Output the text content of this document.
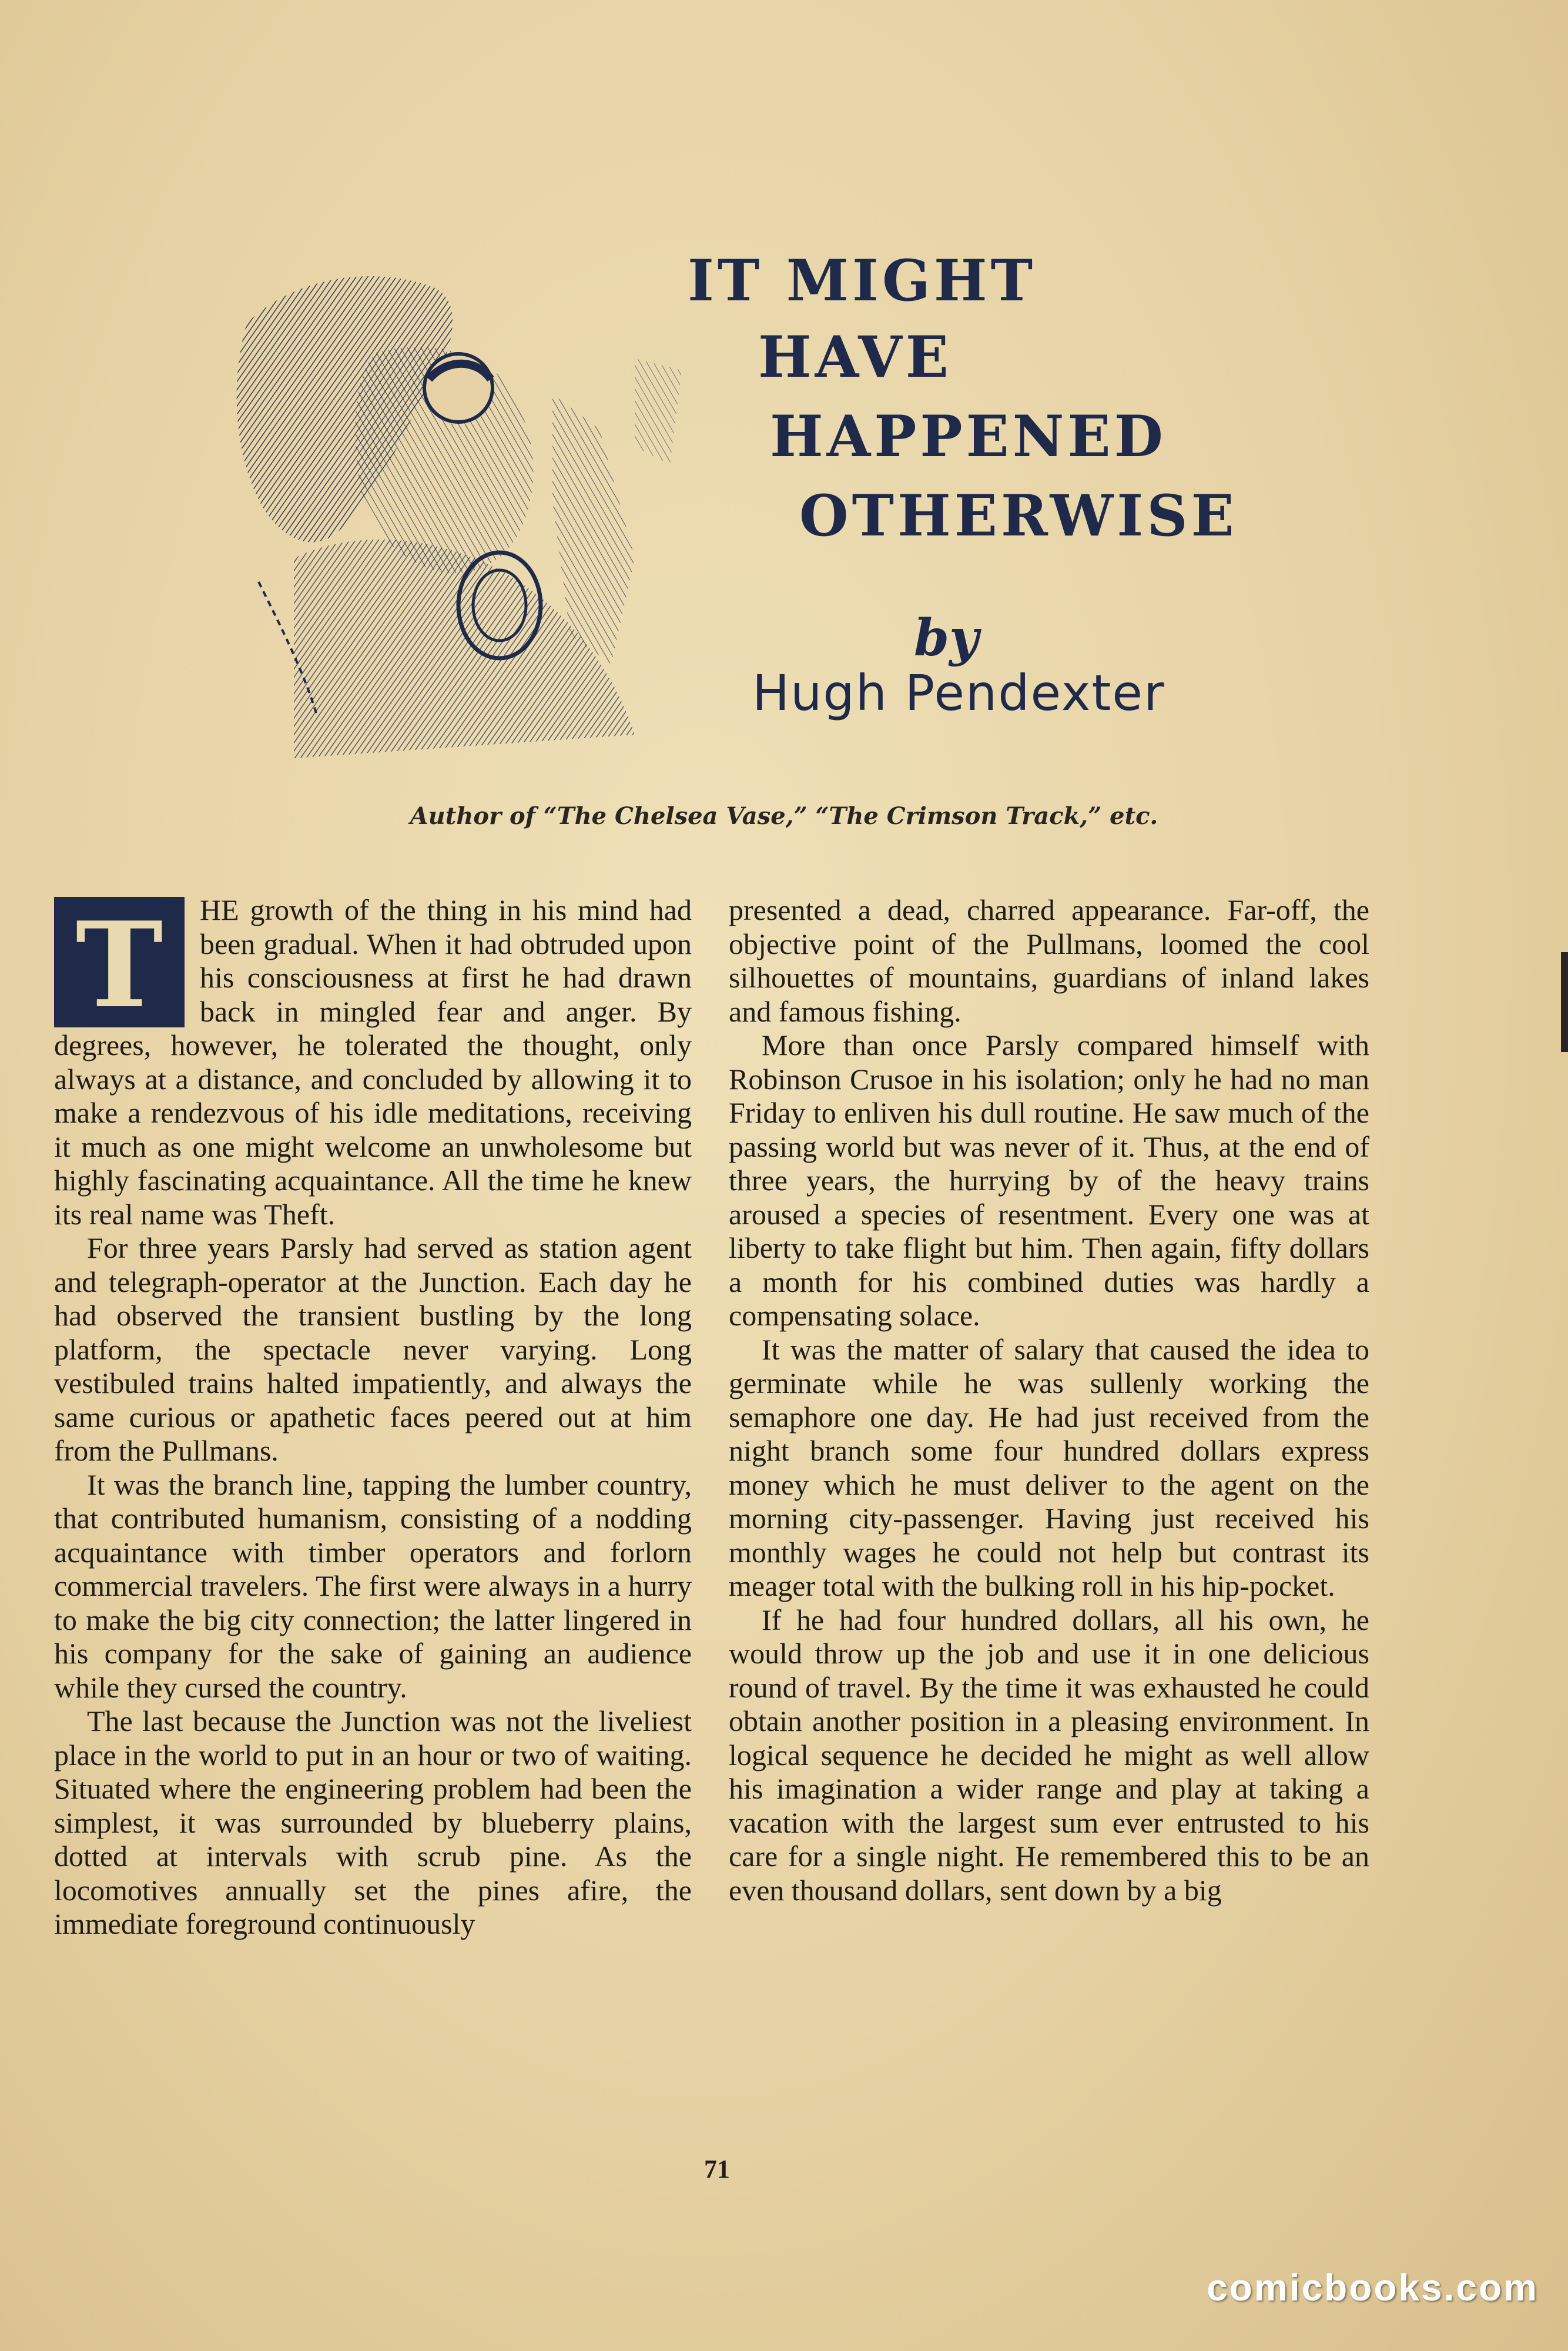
IT MIGHT
HAVE
HAPPENED
OTHERWISE
by
Hugh Pendexter
Author of “The Chelsea Vase,” “The Crimson Track,” etc.

T	HE growth of the thing in his mind had been gradual. When it had obtruded upon his consciousness at first he had drawn back in mingled fear and anger. By degrees, however, he tolerated the thought, only always at a distance, and concluded by allowing it to make a rendezvous of his idle meditations, receiving it much as one might welcome an unwholesome but highly fascinating acquaintance. All the time he knew its real name was Theft.

For three years Parsly had served as station agent and telegraph-operator at the Junction. Each day he had observed the transient bustling by the long platform, the spectacle never varying. Long vestibuled trains halted impatiently, and always the same curious or apathetic faces peered out at him from the Pullmans.

It was the branch line, tapping the lumber country, that contributed humanism, consisting of a nodding acquaintance with timber operators and forlorn commercial travelers. The first were always in a hurry to make the big city connection; the latter lingered in his company for the sake of gaining an audience while they cursed the country.

The last because the Junction was not the liveliest place in the world to put in an hour or two of waiting. Situated where the engineering problem had been the simplest, it was surrounded by blueberry plains, dotted at intervals with scrub pine. As the locomotives annually set the pines afire, the immediate foreground continuously

presented a dead, charred appearance. Far-off, the objective point of the Pullmans, loomed the cool silhouettes of mountains, guardians of inland lakes and famous fishing.

More than once Parsly compared himself with Robinson Crusoe in his isolation; only he had no man Friday to enliven his dull routine. He saw much of the passing world but was never of it. Thus, at the end of three years, the hurrying by of the heavy trains aroused a species of resentment. Every one was at liberty to take flight but him. Then again, fifty dollars a month for his combined duties was hardly a compensating solace.

It was the matter of salary that caused the idea to germinate while he was sullenly working the semaphore one day. He had just received from the night branch some four hundred dollars express money which he must deliver to the agent on the morning city-passenger. Having just received his monthly wages he could not help but contrast its meager total with the bulking roll in his hip-pocket.

If he had four hundred dollars, all his own, he would throw up the job and use it in one delicious round of travel. By the time it was exhausted he could obtain another position in a pleasing environment. In logical sequence he decided he might as well allow his imagination a wider range and play at taking a vacation with the largest sum ever entrusted to his care for a single night. He remembered this to be an even thousand dollars, sent down by a big

71
comicbooks.com
